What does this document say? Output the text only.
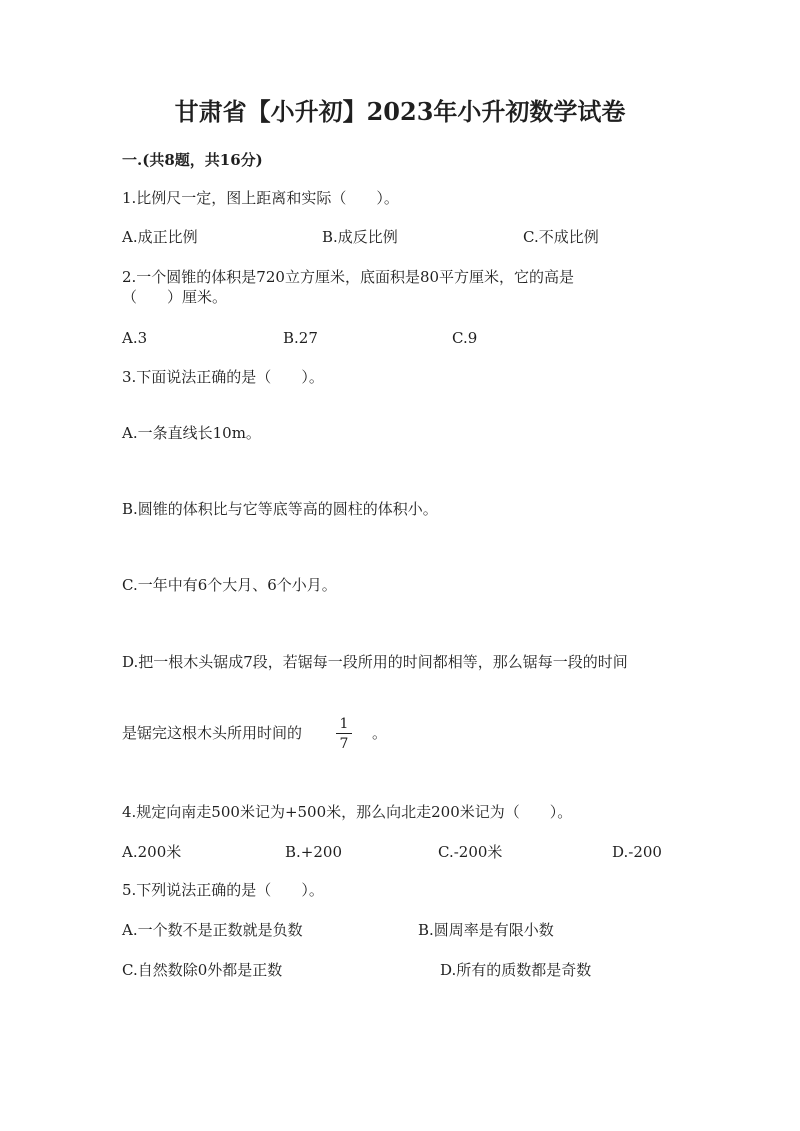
甘肃省【小升初】2023年小升初数学试卷
一.(共8题，共16分)
1.比例尺一定，图上距离和实际（　　）。
A.成正比例	B.成反比例	C.不成比例
2.一个圆锥的体积是720立方厘米，底面积是80平方厘米，它的高是
（　　）厘米。
A.3	B.27	C.9
3.下面说法正确的是（　　）。
A.一条直线长10m。
B.圆锥的体积比与它等底等高的圆柱的体积小。
C.一年中有6个大月、6个小月。
D.把一根木头锯成7段，若锯每一段所用的时间都相等，那么锯每一段的时间
是锯完这根木头所用时间的	1
7
。
4.规定向南走500米记为+500米，那么向北走200米记为（　　）。
A.200米	B.+200	C.-200米	D.-200
5.下列说法正确的是（　　）。
A.一个数不是正数就是负数	B.圆周率是有限小数
C.自然数除0外都是正数	D.所有的质数都是奇数
